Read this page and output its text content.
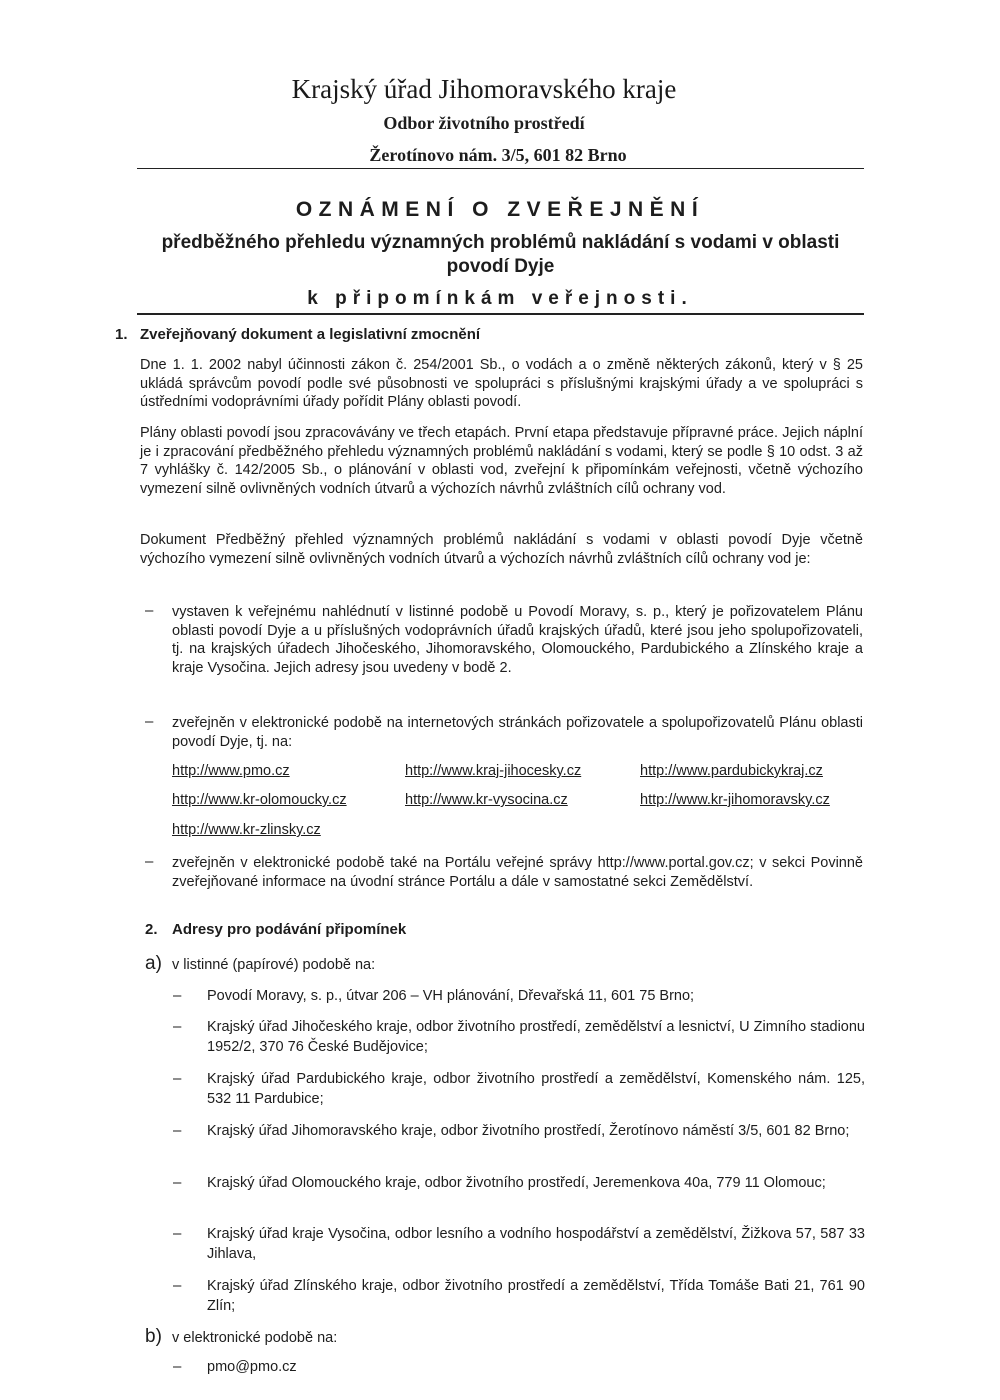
Krajský úřad Jihomoravského kraje
Odbor životního prostředí
Žerotínovo nám. 3/5, 601 82 Brno
OZNÁMENÍ O ZVEŘEJNĚNÍ
předběžného přehledu významných problémů nakládání s vodami v oblasti povodí Dyje
k připomínkám veřejnosti.
1. Zveřejňovaný dokument a legislativní zmocnění
Dne 1. 1. 2002 nabyl účinnosti zákon č. 254/2001 Sb., o vodách a o změně některých zákonů, který v § 25 ukládá správcům povodí podle své působnosti ve spolupráci s příslušnými krajskými úřady a ve spolupráci s ústředními vodoprávními úřady pořídit Plány oblasti povodí.
Plány oblasti povodí jsou zpracovávány ve třech etapách. První etapa představuje přípravné práce. Jejich náplní je i zpracování předběžného přehledu významných problémů nakládání s vodami, který se podle § 10 odst. 3 až 7 vyhlášky č. 142/2005 Sb., o plánování v oblasti vod, zveřejní k připomínkám veřejnosti, včetně výchozího vymezení silně ovlivněných vodních útvarů a výchozích návrhů zvláštních cílů ochrany vod.
Dokument Předběžný přehled významných problémů nakládání s vodami v oblasti povodí Dyje včetně výchozího vymezení silně ovlivněných vodních útvarů a výchozích návrhů zvláštních cílů ochrany vod je:
– vystaven k veřejnému nahlédnutí v listinné podobě u Povodí Moravy, s. p., který je pořizovatelem Plánu oblasti povodí Dyje a u příslušných vodoprávních úřadů krajských úřadů, které jsou jeho spolupořizovateli, tj. na krajských úřadech Jihočeského, Jihomoravského, Olomouckého, Pardubického a Zlínského kraje a kraje Vysočina. Jejich adresy jsou uvedeny v bodě 2.
– zveřejněn v elektronické podobě na internetových stránkách pořizovatele a spolupořizovatelů Plánu oblasti povodí Dyje, tj. na:
http://www.pmo.cz	http://www.kraj-jihocesky.cz	http://www.pardubickykraj.cz
http://www.kr-olomoucky.cz	http://www.kr-vysocina.cz	http://www.kr-jihomoravsky.cz
http://www.kr-zlinsky.cz
– zveřejněn v elektronické podobě také na Portálu veřejné správy http://www.portal.gov.cz; v sekci Povinně zveřejňované informace na úvodní stránce Portálu a dále v samostatné sekci Zemědělství.
2. Adresy pro podávání připomínek
a) v listinné (papírové) podobě na:
– Povodí Moravy, s. p., útvar 206 – VH plánování, Dřevařská 11, 601 75 Brno;
– Krajský úřad Jihočeského kraje, odbor životního prostředí, zemědělství a lesnictví, U Zimního stadionu 1952/2, 370 76 České Budějovice;
– Krajský úřad Pardubického kraje, odbor životního prostředí a zemědělství, Komenského nám. 125, 532 11 Pardubice;
– Krajský úřad Jihomoravského kraje, odbor životního prostředí, Žerotínovo náměstí 3/5, 601 82 Brno;
– Krajský úřad Olomouckého kraje, odbor životního prostředí, Jeremenkova 40a, 779 11 Olomouc;
– Krajský úřad kraje Vysočina, odbor lesního a vodního hospodářství a zemědělství, Žižkova 57, 587 33 Jihlava,
– Krajský úřad Zlínského kraje, odbor životního prostředí a zemědělství, Třída Tomáše Bati 21, 761 90 Zlín;
b) v elektronické podobě na:
– pmo@pmo.cz
